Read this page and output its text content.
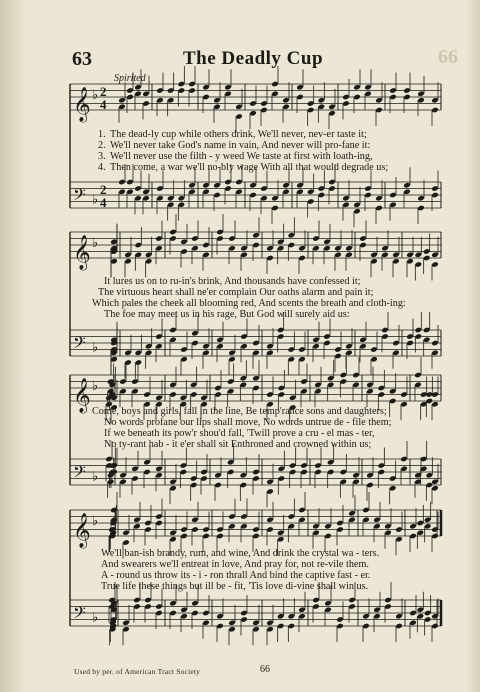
66
63	The Deadly Cup
Spirited
𝄞 ♭ 2
4
𝄢 ♭
2
4
𝄞 ♭
𝄢 ♭
𝄞 ♭
𝄢 ♭
𝄞 ♭
𝄢 ♭
1. The dead-ly cup while others drink, We'll never, nev-er taste it;
2. We'll never take God's name in vain, And never will pro-fane it:
3. We'll never use the filth - y weed We taste at first with loath-ing,
4. Then come, a war we'll no-bly wage With all that would degrade us;
It lures us on to ru-in's brink, And thousands have confessed it;
The virtuous heart shall ne'er complain Our oaths alarm and pain it;
Which pales the cheek all blooming red, And scents the breath and cloth-ing:
The foe may meet us in his rage, But God will surely aid us:
Come, boys and girls, fall in the line, Be temp'rance sons and daughters;
No words profane our lips shall move, No words untrue de - file them;
If we beneath its pow'r shou'd fall, 'Twill prove a cru - el mas - ter,
No ty-rant hab - it e'er shall sit Enthroned and crowned within us;
We'll ban-ish brandy, rum, and wine, And drink the crystal wa - ters.
And swearers we'll entreat in love, And pray for, not re-vile them.
A - round us throw its - i - ron thrall And bind the captive fast - er.
True life these things but ill be - fit, 'Tis love di-vine shall win us.
Used by per. of American Tract Society	66
